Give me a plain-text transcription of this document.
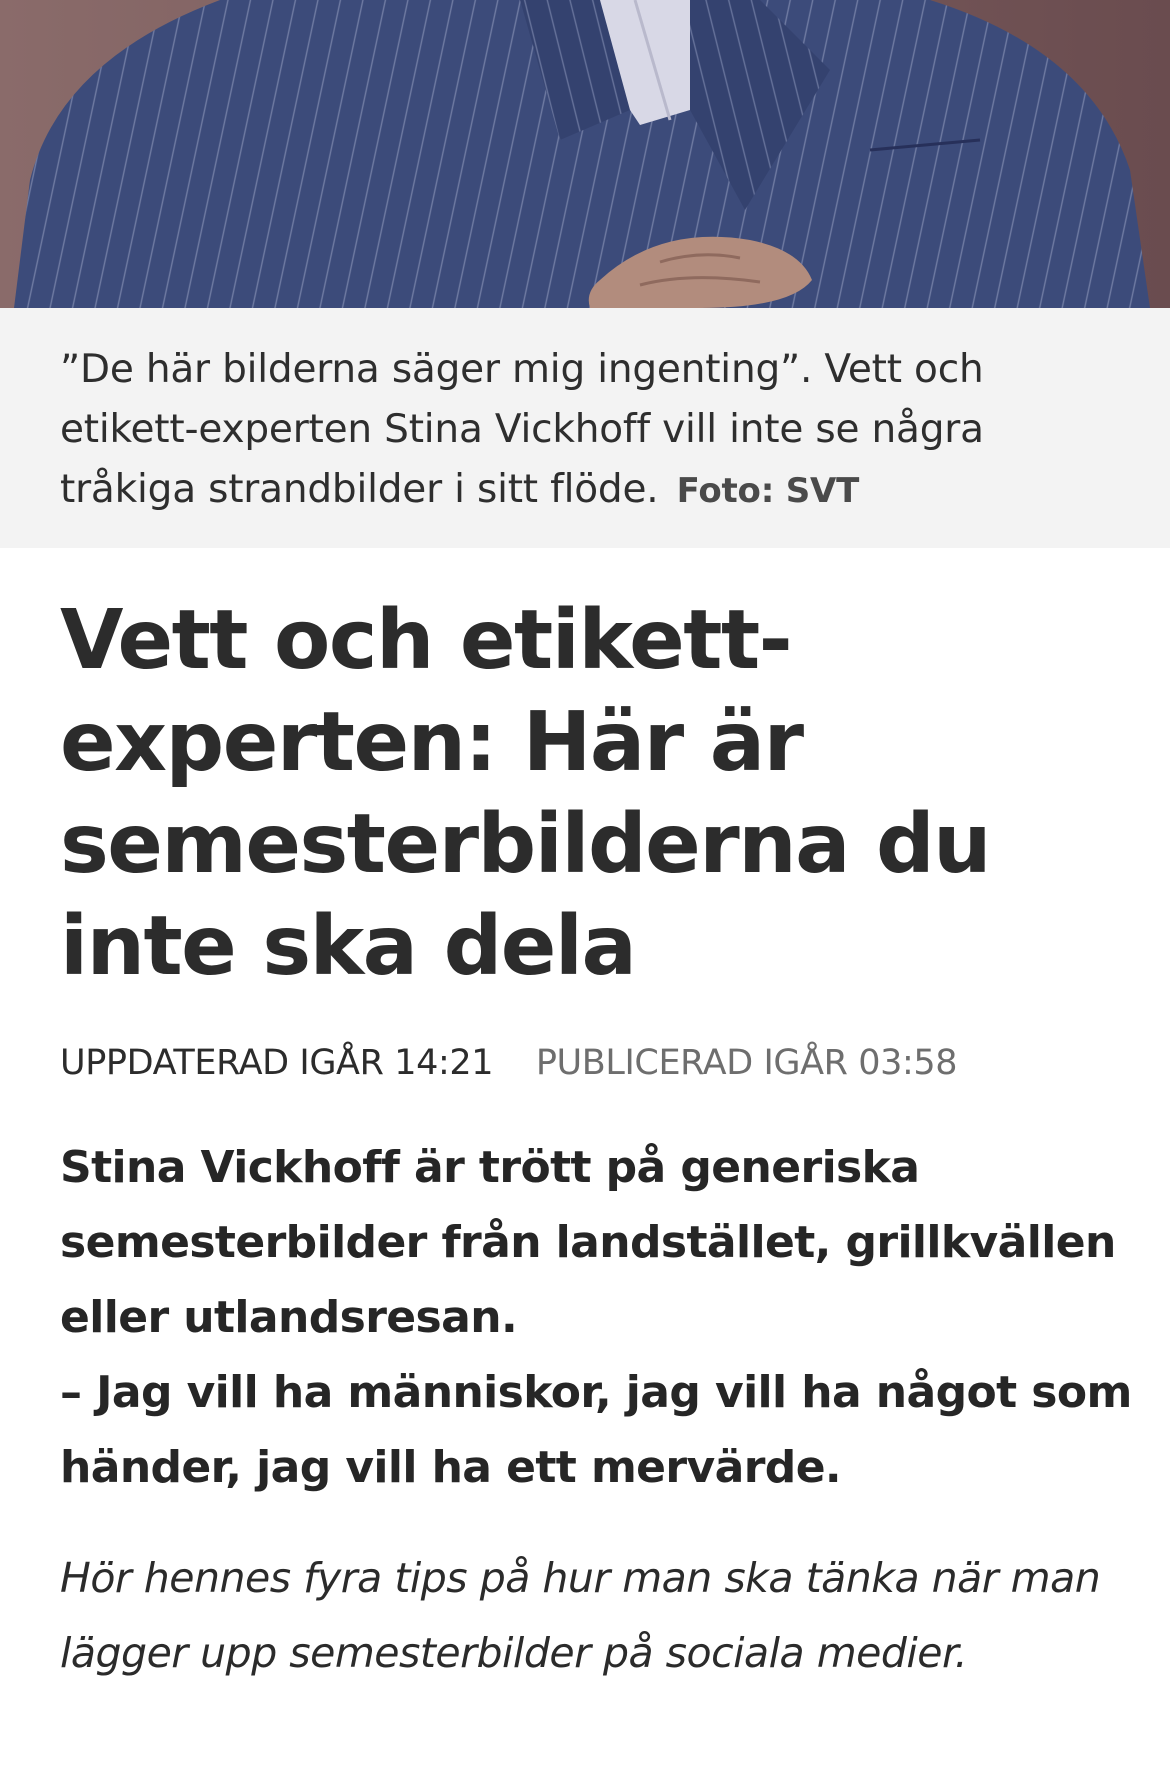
”De här bilderna säger mig ingenting”. Vett och etikett-experten Stina Vickhoff vill inte se några tråkiga strandbilder i sitt flöde. Foto: SVT
Vett och etikett-experten: Här är semesterbilderna du inte ska dela
UPPDATERAD IGÅR 14:21 PUBLICERAD IGÅR 03:58

Stina Vickhoff är trött på generiska semesterbilder från landstället, grillkvällen eller utlandsresan.

– Jag vill ha människor, jag vill ha något som händer, jag vill ha ett mervärde.

Hör hennes fyra tips på hur man ska tänka när man lägger upp semesterbilder på sociala medier.
